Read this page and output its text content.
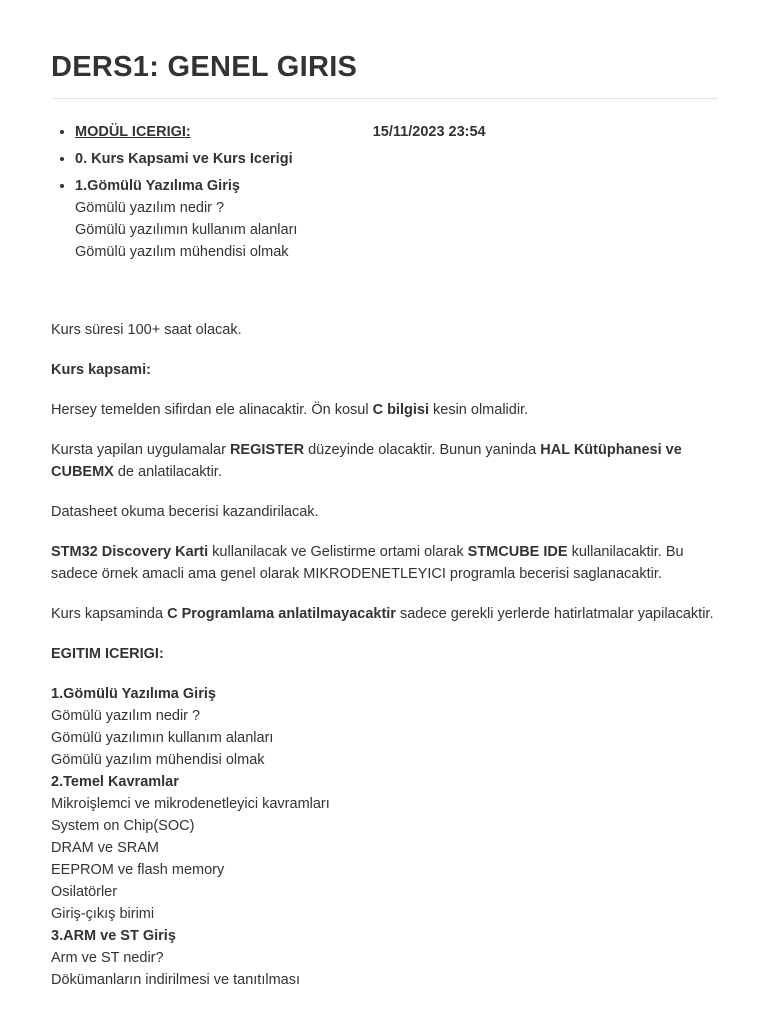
DERS1: GENEL GIRIS
• MODÜL ICERIGI:	15/11/2023 23:54
• 0. Kurs Kapsami ve Kurs Icerigi
• 1.Gömülü Yazılıma Giriş
Gömülü yazılım nedir ?
Gömülü yazılımın kullanım alanları
Gömülü yazılım mühendisi olmak

Kurs süresi 100+ saat olacak.

Kurs kapsami:

Hersey temelden sifirdan ele alinacaktir. Ön kosul C bilgisi kesin olmalidir.

Kursta yapilan uygulamalar REGISTER düzeyinde olacaktir. Bunun yaninda HAL Kütüphanesi ve CUBEMX de anlatilacaktir.

Datasheet okuma becerisi kazandirilacak.

STM32 Discovery Karti kullanilacak ve Gelistirme ortami olarak STMCUBE IDE kullanilacaktir. Bu sadece örnek amacli ama genel olarak MIKRODENETLEYICI programla becerisi saglanacaktir.

Kurs kapsaminda C Programlama anlatilmayacaktir sadece gerekli yerlerde hatirlatmalar yapilacaktir.

EGITIM ICERIGI:

1.Gömülü Yazılıma Giriş
Gömülü yazılım nedir ?
Gömülü yazılımın kullanım alanları
Gömülü yazılım mühendisi olmak
2.Temel Kavramlar
Mikroişlemci ve mikrodenetleyici kavramları
System on Chip(SOC)
DRAM ve SRAM
EEPROM ve flash memory
Osilatörler
Giriş-çıkış birimi
3.ARM ve ST Giriş
Arm ve ST nedir?
Dökümanların indirilmesi ve tanıtılması
